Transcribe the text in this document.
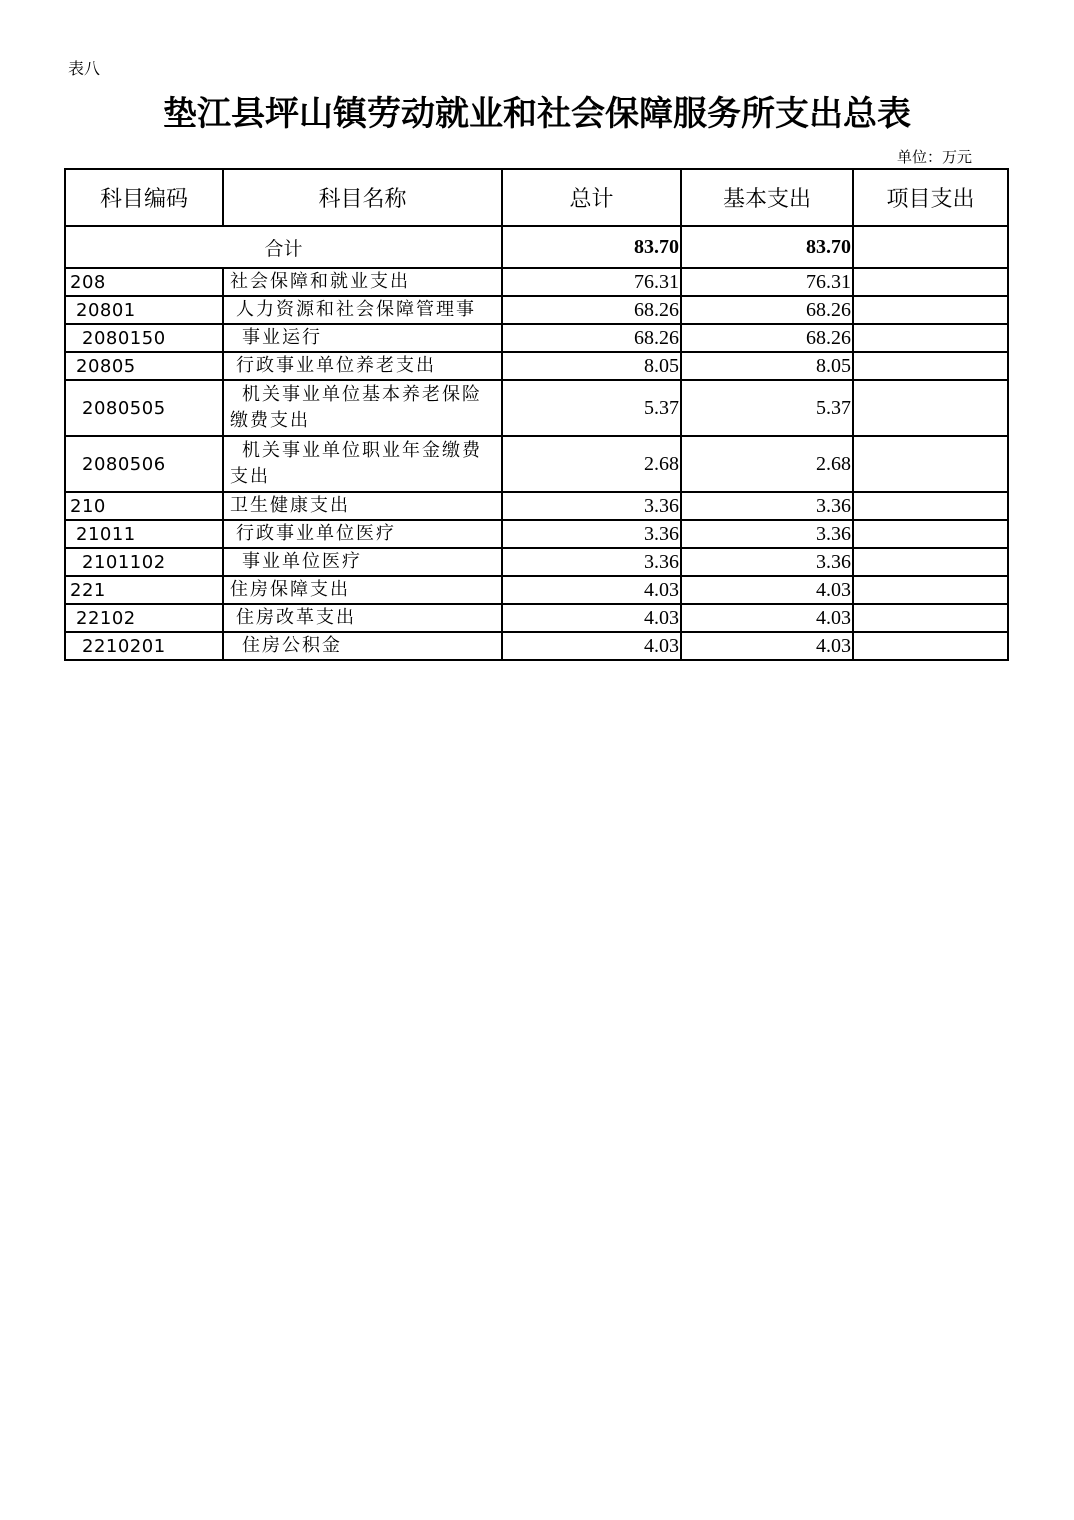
表八
垫江县坪山镇劳动就业和社会保障服务所支出总表
单位：万元
科目编码	科目名称	总计	基本支出	项目支出
合计		83.70	83.70	
208	社会保障和就业支出	76.31	76.31	
20801	人力资源和社会保障管理事	68.26	68.26	
2080150	事业运行	68.26	68.26	
20805	行政事业单位养老支出	8.05	8.05	
2080505	机关事业单位基本养老保险缴费支出	5.37	5.37	
2080506	机关事业单位职业年金缴费支出	2.68	2.68	
210	卫生健康支出	3.36	3.36	
21011	行政事业单位医疗	3.36	3.36	
2101102	事业单位医疗	3.36	3.36	
221	住房保障支出	4.03	4.03	
22102	住房改革支出	4.03	4.03	
2210201	住房公积金	4.03	4.03	
